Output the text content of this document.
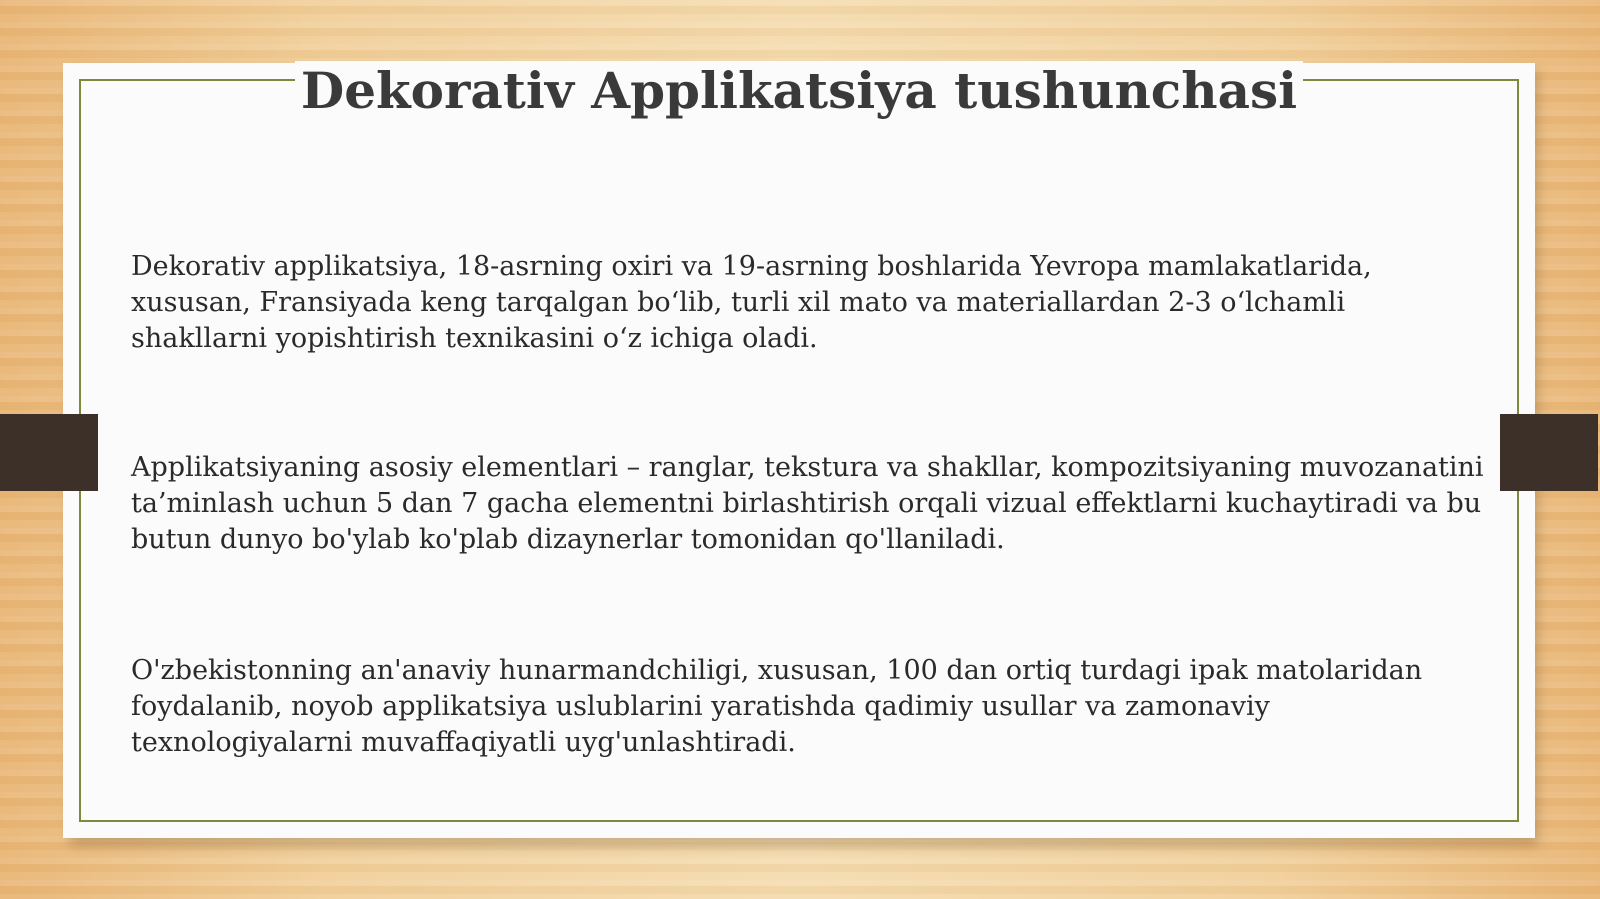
Dekorativ Applikatsiya tushunchasi

Dekorativ applikatsiya, 18-asrning oxiri va 19-asrning boshlarida Yevropa mamlakatlarida, xususan, Fransiyada keng tarqalgan boʻlib, turli xil mato va materiallardan 2-3 oʻlchamli shakllarni yopishtirish texnikasini oʻz ichiga oladi.

Applikatsiyaning asosiy elementlari – ranglar, tekstura va shakllar, kompozitsiyaning muvozanatini ta’minlash uchun 5 dan 7 gacha elementni birlashtirish orqali vizual effektlarni kuchaytiradi va bu butun dunyo bo'ylab ko'plab dizaynerlar tomonidan qo'llaniladi.

O'zbekistonning an'anaviy hunarmandchiligi, xususan, 100 dan ortiq turdagi ipak matolaridan foydalanib, noyob applikatsiya uslublarini yaratishda qadimiy usullar va zamonaviy texnologiyalarni muvaffaqiyatli uyg'unlashtiradi.
